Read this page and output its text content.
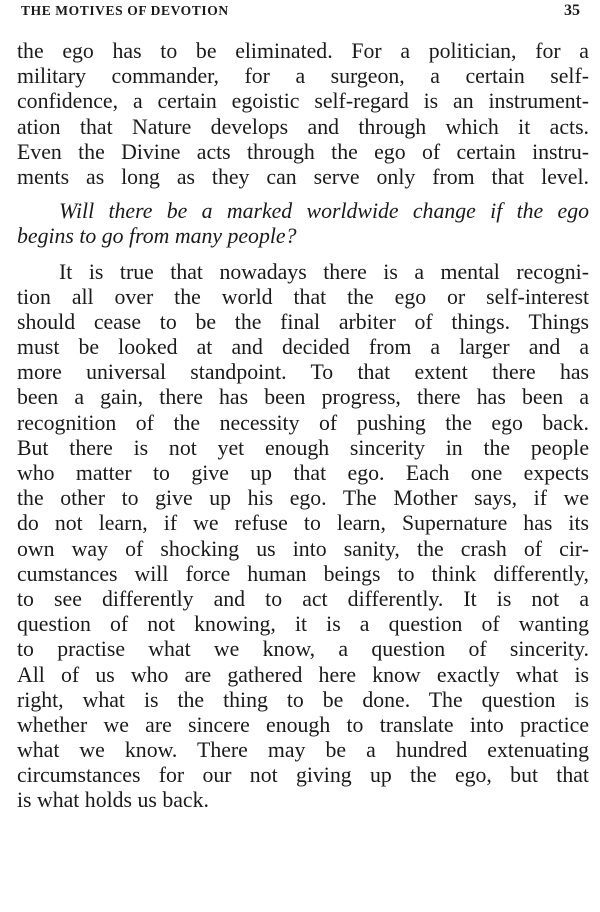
THE MOTIVES OF DEVOTION	35
the ego has to be eliminated. For a politician, for a
military commander, for a surgeon, a certain self-
confidence, a certain egoistic self-regard is an instrument-
ation that Nature develops and through which it acts.
Even the Divine acts through the ego of certain instru-
ments as long as they can serve only from that level.
Will there be a marked worldwide change if the ego
begins to go from many people?
It is true that nowadays there is a mental recogni-
tion all over the world that the ego or self-interest
should cease to be the final arbiter of things. Things
must be looked at and decided from a larger and a
more universal standpoint. To that extent there has
been a gain, there has been progress, there has been a
recognition of the necessity of pushing the ego back.
But there is not yet enough sincerity in the people
who matter to give up that ego. Each one expects
the other to give up his ego. The Mother says, if we
do not learn, if we refuse to learn, Supernature has its
own way of shocking us into sanity, the crash of cir-
cumstances will force human beings to think differently,
to see differently and to act differently. It is not a
question of not knowing, it is a question of wanting
to practise what we know, a question of sincerity.
All of us who are gathered here know exactly what is
right, what is the thing to be done. The question is
whether we are sincere enough to translate into practice
what we know. There may be a hundred extenuating
circumstances for our not giving up the ego, but that
is what holds us back.
